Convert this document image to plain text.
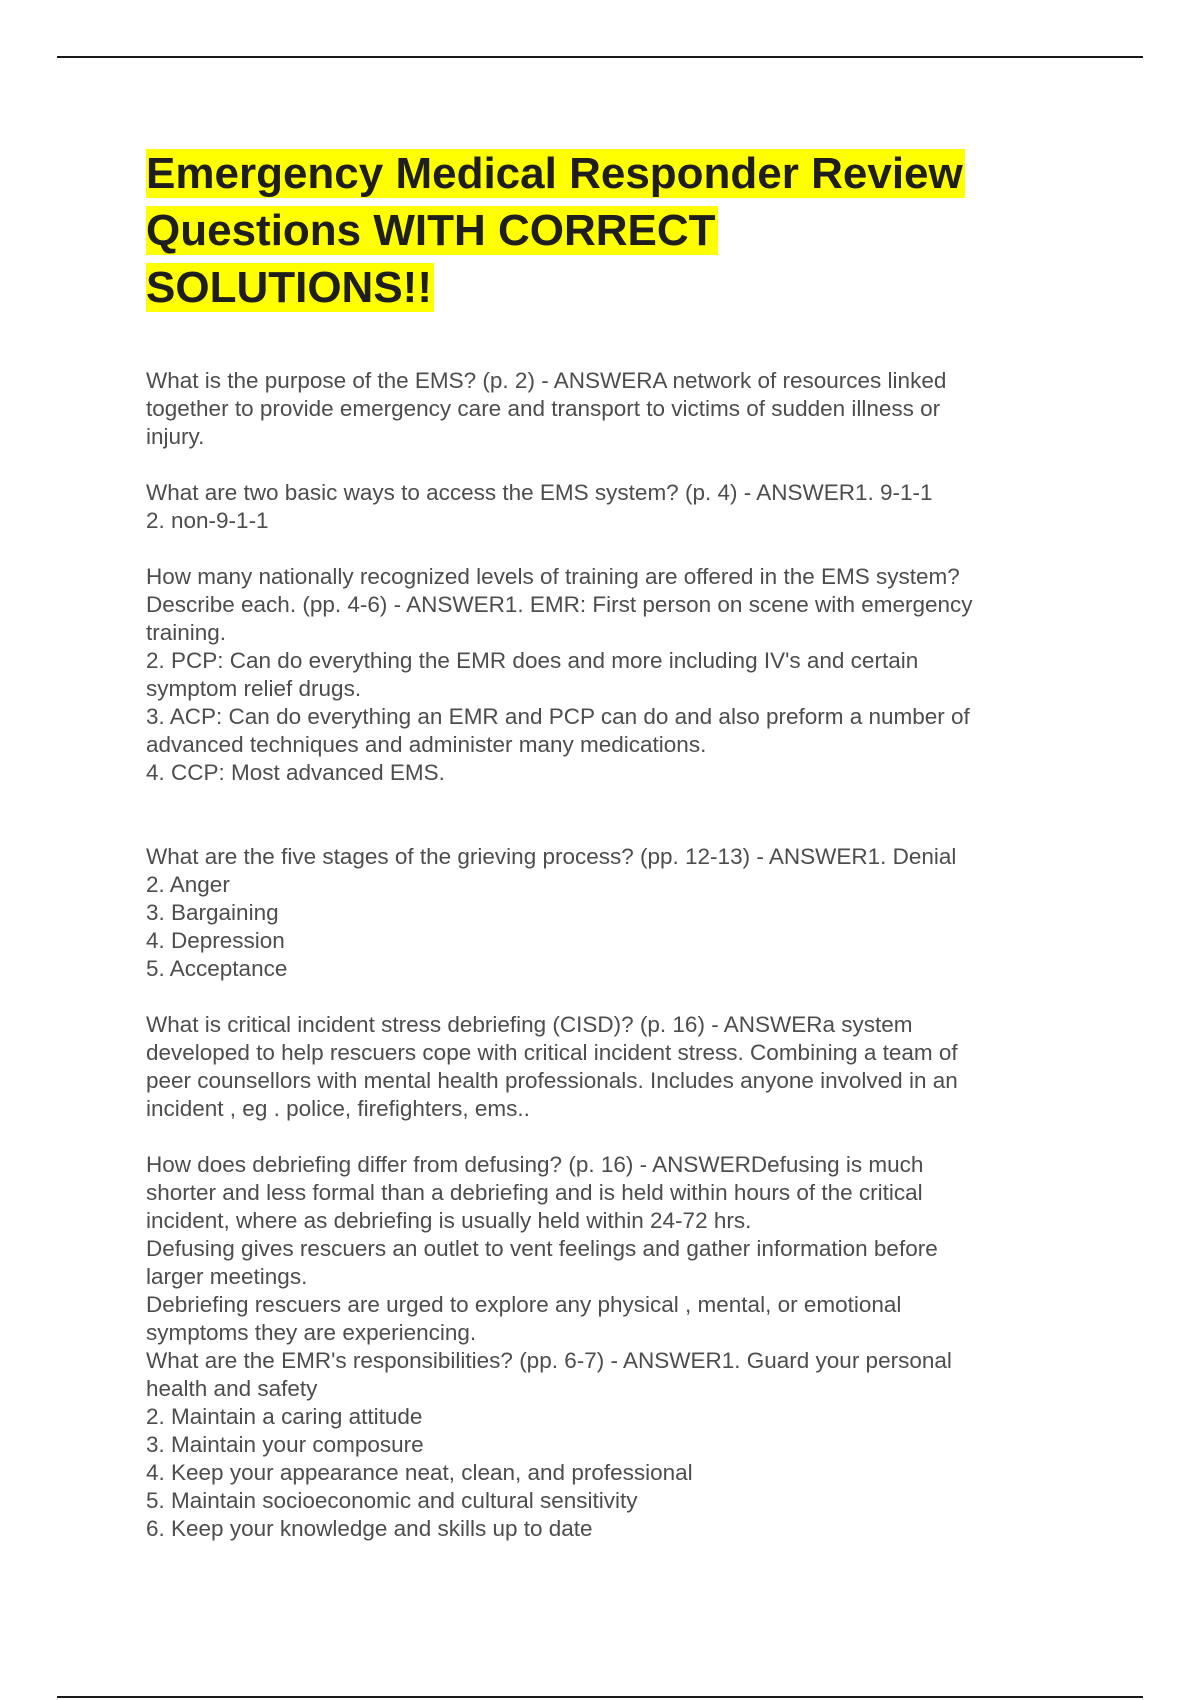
Emergency Medical Responder Review
Questions WITH CORRECT
SOLUTIONS!!
What is the purpose of the EMS? (p. 2) - ANSWERA network of resources linked
together to provide emergency care and transport to victims of sudden illness or
injury.
What are two basic ways to access the EMS system? (p. 4) - ANSWER1. 9-1-1
2. non-9-1-1
How many nationally recognized levels of training are offered in the EMS system?
Describe each. (pp. 4-6) - ANSWER1. EMR: First person on scene with emergency
training.
2. PCP: Can do everything the EMR does and more including IV's and certain
symptom relief drugs.
3. ACP: Can do everything an EMR and PCP can do and also preform a number of
advanced techniques and administer many medications.
4. CCP: Most advanced EMS.
What are the five stages of the grieving process? (pp. 12-13) - ANSWER1. Denial
2. Anger
3. Bargaining
4. Depression
5. Acceptance
What is critical incident stress debriefing (CISD)? (p. 16) - ANSWERa system
developed to help rescuers cope with critical incident stress. Combining a team of
peer counsellors with mental health professionals. Includes anyone involved in an
incident , eg . police, firefighters, ems..
How does debriefing differ from defusing? (p. 16) - ANSWERDefusing is much
shorter and less formal than a debriefing and is held within hours of the critical
incident, where as debriefing is usually held within 24-72 hrs.
Defusing gives rescuers an outlet to vent feelings and gather information before
larger meetings.
Debriefing rescuers are urged to explore any physical , mental, or emotional
symptoms they are experiencing.
What are the EMR's responsibilities? (pp. 6-7) - ANSWER1. Guard your personal
health and safety
2. Maintain a caring attitude
3. Maintain your composure
4. Keep your appearance neat, clean, and professional
5. Maintain socioeconomic and cultural sensitivity
6. Keep your knowledge and skills up to date
